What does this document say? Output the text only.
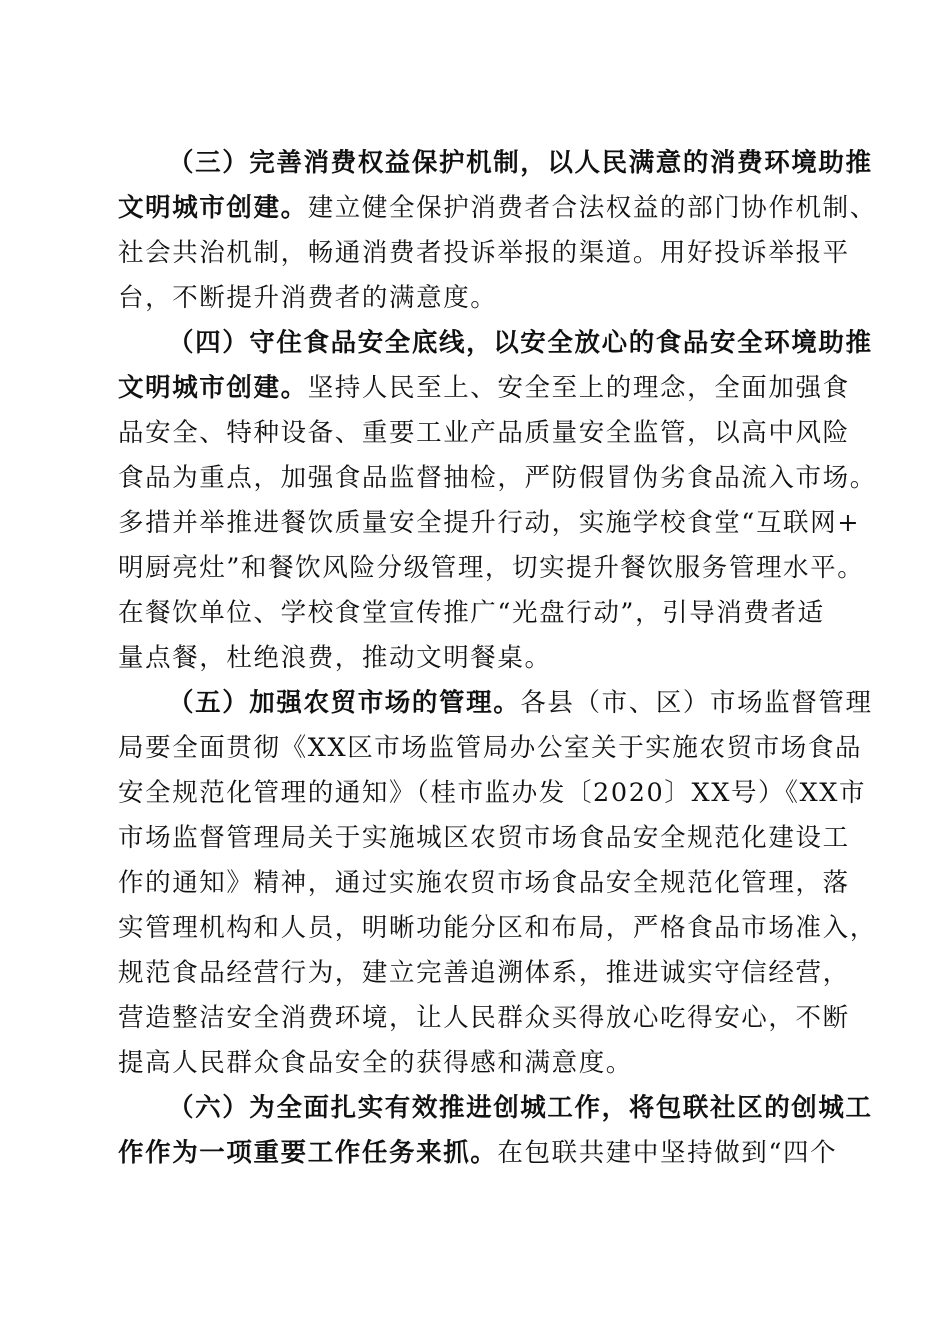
（三）完善消费权益保护机制，以人民满意的消费环境助推
文明城市创建。建立健全保护消费者合法权益的部门协作机制、
社会共治机制，畅通消费者投诉举报的渠道。用好投诉举报平
台，不断提升消费者的满意度。
（四）守住食品安全底线，以安全放心的食品安全环境助推
文明城市创建。坚持人民至上、安全至上的理念，全面加强食
品安全、特种设备、重要工业产品质量安全监管，以高中风险
食品为重点，加强食品监督抽检，严防假冒伪劣食品流入市场。
多措并举推进餐饮质量安全提升行动，实施学校食堂“互联网+
明厨亮灶”和餐饮风险分级管理，切实提升餐饮服务管理水平。
在餐饮单位、学校食堂宣传推广“光盘行动”，引导消费者适
量点餐，杜绝浪费，推动文明餐桌。
（五）加强农贸市场的管理。各县（市、区）市场监督管理
局要全面贯彻《XX区市场监管局办公室关于实施农贸市场食品
安全规范化管理的通知》（桂市监办发〔2020〕XX号）《XX市
市场监督管理局关于实施城区农贸市场食品安全规范化建设工
作的通知》精神，通过实施农贸市场食品安全规范化管理，落
实管理机构和人员，明晰功能分区和布局，严格食品市场准入，
规范食品经营行为，建立完善追溯体系，推进诚实守信经营，
营造整洁安全消费环境，让人民群众买得放心吃得安心，不断
提高人民群众食品安全的获得感和满意度。
（六）为全面扎实有效推进创城工作，将包联社区的创城工
作作为一项重要工作任务来抓。在包联共建中坚持做到“四个
